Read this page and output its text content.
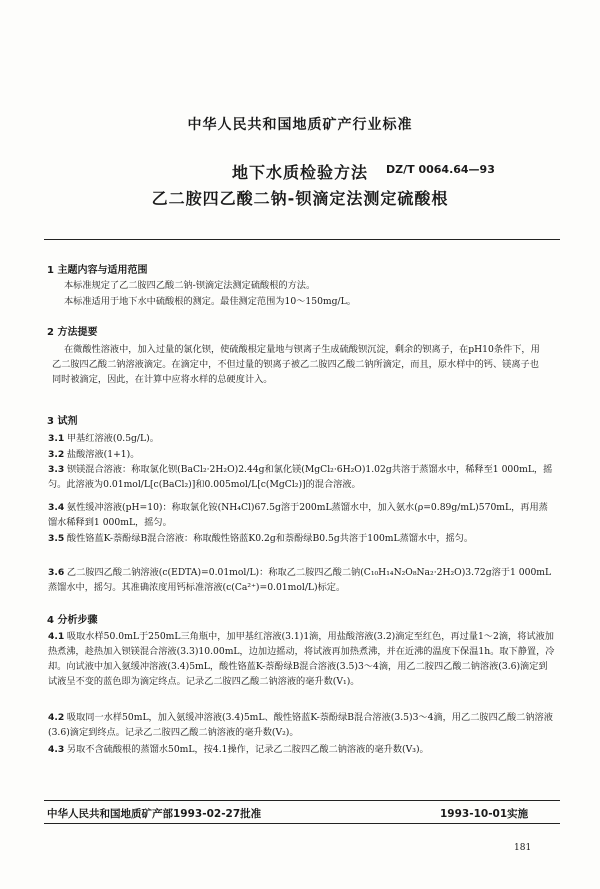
中华人民共和国地质矿产行业标准
地下水质检验方法	DZ/T 0064.64—93
乙二胺四乙酸二钠-钡滴定法测定硫酸根
1 主题内容与适用范围
本标准规定了乙二胺四乙酸二钠-钡滴定法测定硫酸根的方法。
本标准适用于地下水中硫酸根的测定。最佳测定范围为10～150mg/L。
2 方法提要
在微酸性溶液中，加入过量的氯化钡，使硫酸根定量地与钡离子生成硫酸钡沉淀，剩余的钡离子，在pH10条件下，用乙二胺四乙酸二钠溶液滴定。在滴定中，不但过量的钡离子被乙二胺四乙酸二钠所滴定，而且，原水样中的钙、镁离子也同时被滴定，因此，在计算中应将水样的总硬度计入。
3 试剂
3.1 甲基红溶液(0.5g/L)。
3.2 盐酸溶液(1+1)。
3.3 钡镁混合溶液：称取氯化钡(BaCl₂·2H₂O)2.44g和氯化镁(MgCl₂·6H₂O)1.02g共溶于蒸馏水中，稀释至1 000mL，摇匀。此溶液为0.01mol/L[c(BaCl₂)]和0.005mol/L[c(MgCl₂)]的混合溶液。
3.4 氨性缓冲溶液(pH=10)：称取氯化铵(NH₄Cl)67.5g溶于200mL蒸馏水中，加入氨水(ρ=0.89g/mL)570mL，再用蒸馏水稀释到1 000mL，摇匀。
3.5 酸性铬蓝K-萘酚绿B混合溶液：称取酸性铬蓝K0.2g和萘酚绿B0.5g共溶于100mL蒸馏水中，摇匀。
3.6 乙二胺四乙酸二钠溶液(c(EDTA)=0.01mol/L)：称取乙二胺四乙酸二钠(C₁₀H₁₄N₂O₈Na₂·2H₂O)3.72g溶于1 000mL蒸馏水中，摇匀。其准确浓度用钙标准溶液(c(Ca²⁺)=0.01mol/L)标定。
4 分析步骤
4.1 吸取水样50.0mL于250mL三角瓶中，加甲基红溶液(3.1)1滴，用盐酸溶液(3.2)滴定至红色，再过量1～2滴，将试液加热煮沸，趁热加入钡镁混合溶液(3.3)10.00mL，边加边摇动，将试液再加热煮沸，并在近沸的温度下保温1h。取下静置，冷却。向试液中加入氨缓冲溶液(3.4)5mL，酸性铬蓝K-萘酚绿B混合溶液(3.5)3～4滴，用乙二胺四乙酸二钠溶液(3.6)滴定到试液呈不变的蓝色即为滴定终点。记录乙二胺四乙酸二钠溶液的毫升数(V₁)。
4.2 吸取同一水样50mL，加入氨缓冲溶液(3.4)5mL、酸性铬蓝K-萘酚绿B混合溶液(3.5)3～4滴，用乙二胺四乙酸二钠溶液(3.6)滴定到终点。记录乙二胺四乙酸二钠溶液的毫升数(V₂)。
4.3 另取不含硫酸根的蒸馏水50mL，按4.1操作，记录乙二胺四乙酸二钠溶液的毫升数(V₃)。
中华人民共和国地质矿产部1993-02-27批准	1993-10-01实施
181
